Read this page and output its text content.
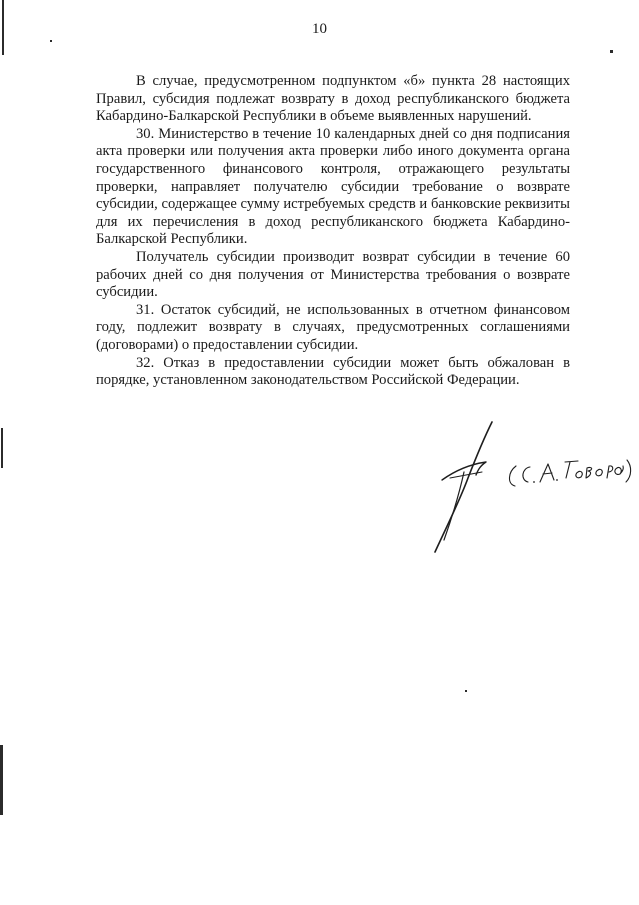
10

В случае, предусмотренном подпунктом «б» пункта 28 настоящих Правил, субсидия подлежат возврату в доход республиканского бюджета Кабардино-Балкарской Республики в объеме выявленных нарушений.

30. Министерство в течение 10 календарных дней со дня подписания акта проверки или получения акта проверки либо иного документа органа государственного финансового контроля, отражающего результаты проверки, направляет получателю субсидии требование о возврате субсидии, содержащее сумму истребуемых средств и банковские реквизиты для их перечисления в доход республиканского бюджета Кабардино-Балкарской Республики.

Получатель субсидии производит возврат субсидии в течение 60 рабочих дней со дня получения от Министерства требования о возврате субсидии.

31. Остаток субсидий, не использованных в отчетном финансовом году, подлежит возврату в случаях, предусмотренных соглашениями (договорами) о предоставлении субсидии.

32. Отказ в предоставлении субсидии может быть обжалован в порядке, установленном законодательством Российской Федерации.
